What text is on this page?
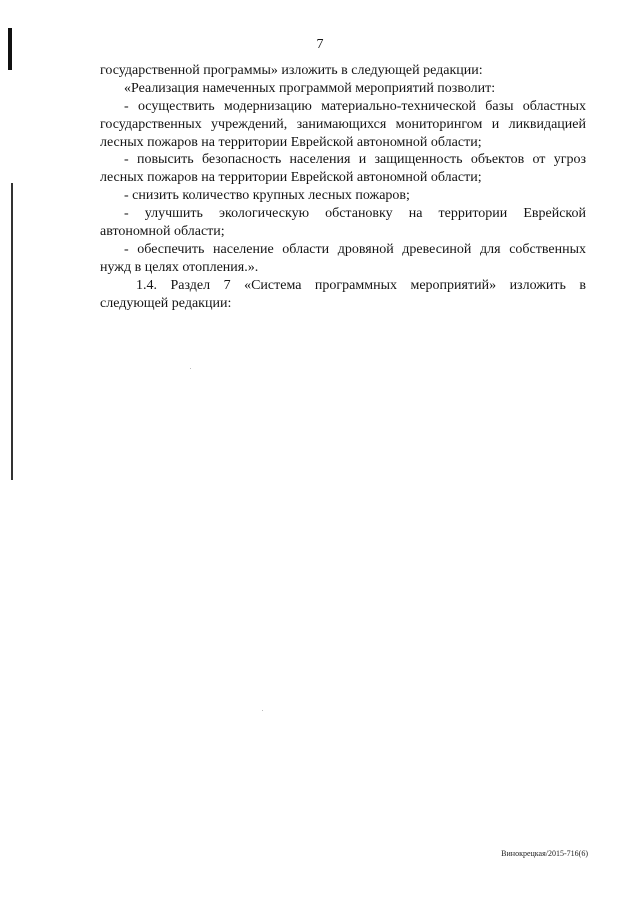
7
государственной программы» изложить в следующей редакции:
«Реализация намеченных программой мероприятий позволит:
- осуществить модернизацию материально-технической базы областных
государственных учреждений, занимающихся мониторингом и ликвидацией
лесных пожаров на территории Еврейской автономной области;
- повысить безопасность населения и защищенность объектов от угроз
лесных пожаров на территории Еврейской автономной области;
- снизить количество крупных лесных пожаров;
- улучшить экологическую обстановку на территории Еврейской
автономной области;
- обеспечить население области дровяной древесиной для собственных
нужд в целях отопления.».
1.4. Раздел 7 «Система программных мероприятий» изложить в
следующей редакции:
Винокрецкая/2015-716(6)
